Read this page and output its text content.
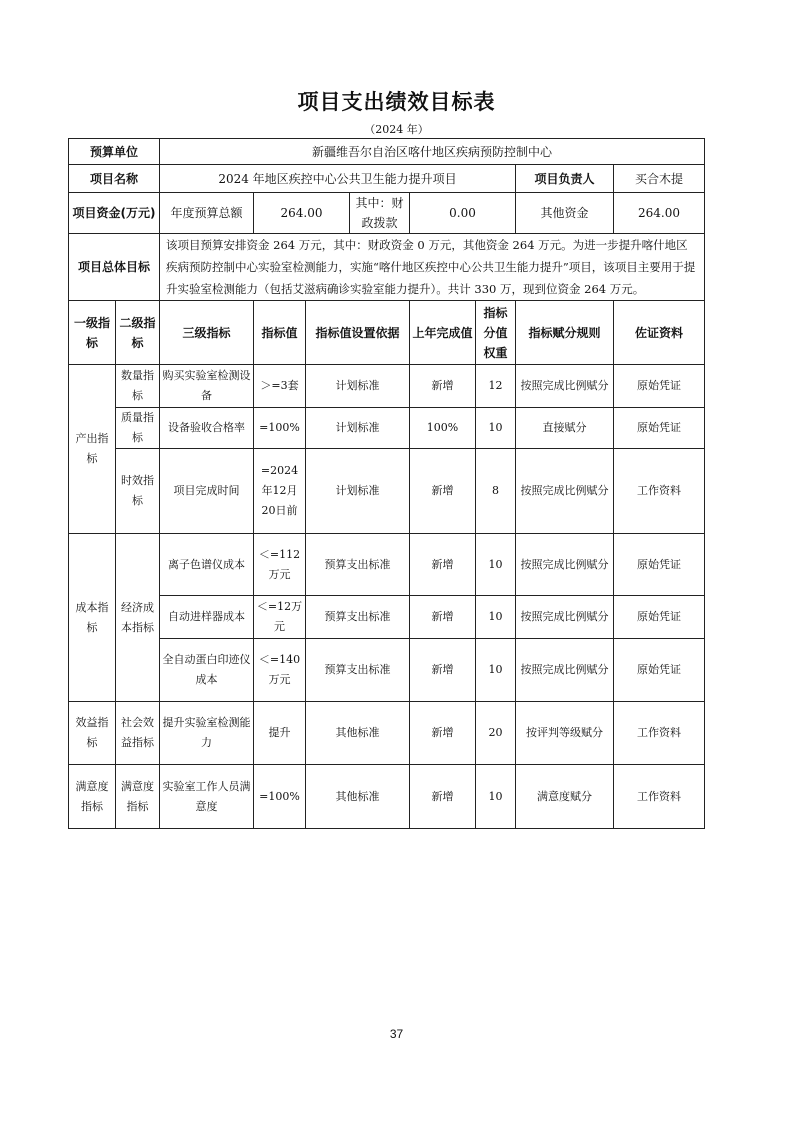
项目支出绩效目标表
（2024 年）
预算单位		新疆维吾尔自治区喀什地区疾病预防控制中心							
项目名称		2024 年地区疾控中心公共卫生能力提升项目						项目负责人	买合木提
项目资金(万元)		年度预算总额	264.00		其中：财政拨款	0.00		其他资金	264.00
项目总体目标		该项目预算安排资金 264 万元，其中：财政资金 0 万元，其他资金 264 万元。为进一步提升喀什地区疾病预防控制中心实验室检测能力，实施“喀什地区疾控中心公共卫生能力提升”项目，该项目主要用于提升实验室检测能力（包括艾滋病确诊实验室能力提升）。共计 330 万，现到位资金 264 万元。							
一级指标	二级指标	三级指标	指标值	指标值设置依据		上年完成值	指标分值权重	指标赋分规则	佐证资料
产出指标	数量指标	购买实验室检测设备	＞=3套	计划标准		新增	12	按照完成比例赋分	原始凭证
	质量指标	设备验收合格率	=100%	计划标准		100%	10	直接赋分	原始凭证
	时效指标	项目完成时间	=2024年12月20日前	计划标准		新增	8	按照完成比例赋分	工作资料
成本指标	经济成本指标	离子色谱仪成本	＜=112万元	预算支出标准		新增	10	按照完成比例赋分	原始凭证
		自动进样器成本	＜=12万元	预算支出标准		新增	10	按照完成比例赋分	原始凭证
		全自动蛋白印迹仪成本	＜=140万元	预算支出标准		新增	10	按照完成比例赋分	原始凭证
效益指标	社会效益指标	提升实验室检测能力	提升	其他标准		新增	20	按评判等级赋分	工作资料
满意度指标	满意度指标	实验室工作人员满意度	=100%	其他标准		新增	10	满意度赋分	工作资料
37
